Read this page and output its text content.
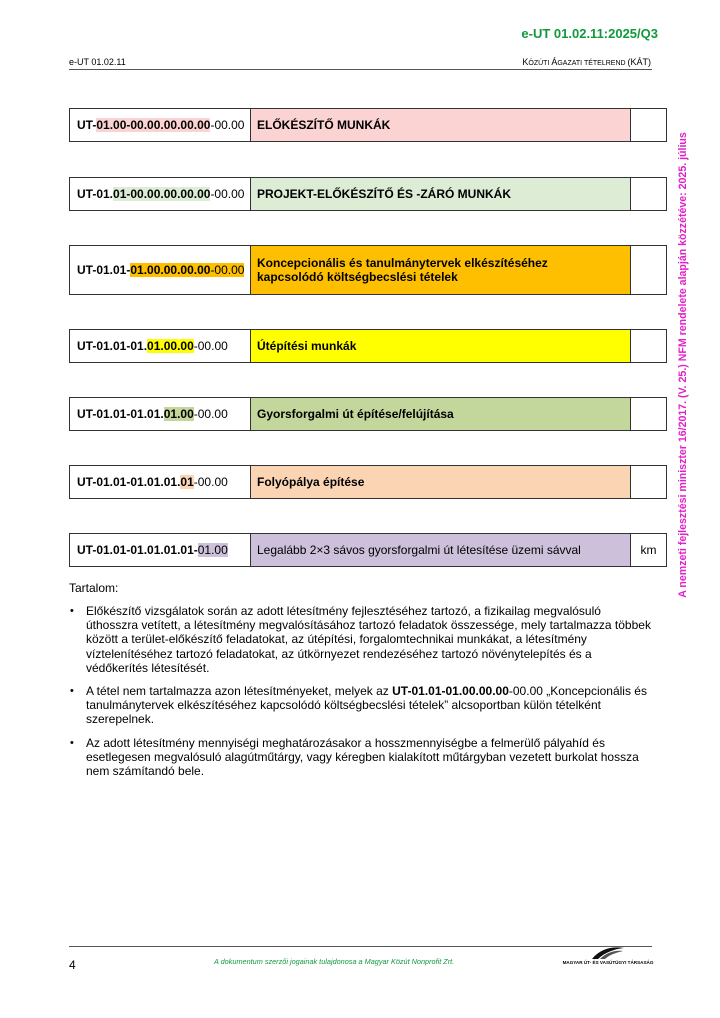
e-UT 01.02.11:2025/Q3
e-UT 01.02.11	KÖZÚTI ÁGAZATI TÉTELREND (KÁT)
A nemzeti fejlesztési miniszter 16/2017. (V. 25.) NFM rendelete alapján közzétéve: 2025. július
UT- 01.00-00.00.00.00.00 -00.00	ELŐKÉSZÍTŐ MUNKÁK
UT-01. 01-00.00.00.00.00 -00.00	PROJEKT-ELŐKÉSZÍTŐ ÉS -ZÁRÓ MUNKÁK
UT-01.01- 01.00.00.00.00 -00.00	Koncepcionális és tanulmánytervek elkészítéséhez kapcsolódó költségbecslési tételek
UT-01.01-01. 01.00.00 -00.00	Útépítési munkák
UT-01.01-01.01. 01.00 -00.00	Gyorsforgalmi út építése/felújítása
UT-01.01-01.01.01. 01 -00.00	Folyópálya építése
UT-01.01-01.01.01.01- 01.00	Legalább 2×3 sávos gyorsforgalmi út létesítése üzemi sávval	km
Tartalom:
• Előkészítő vizsgálatok során az adott létesítmény fejlesztéséhez tartozó, a fizikailag megvalósuló úthosszra vetített, a létesítmény megvalósításához tartozó feladatok összessége, mely tartalmazza többek között a terület-előkészítő feladatokat, az útépítési, forgalomtechnikai munkákat, a létesítmény víztelenítéséhez tartozó feladatokat, az útkörnyezet rendezéséhez tartozó növénytelepítés és a védőkerítés létesítését.
• A tétel nem tartalmazza azon létesítményeket, melyek az UT-01.01-01.00.00.00-00.00 „Koncepcionális és tanulmánytervek elkészítéséhez kapcsolódó költségbecslési tételek” alcsoportban külön tételként szerepelnek.
• Az adott létesítmény mennyiségi meghatározásakor a hosszmennyiségbe a felmerülő pályahíd és esetlegesen megvalósuló alagútműtárgy, vagy kéregben kialakított műtárgyban vezetett burkolat hossza nem számítandó bele.
4	A dokumentum szerzői jogainak tulajdonosa a Magyar Közút Nonprofit Zrt.	MAGYAR ÚT- ÉS VASÚTÜGYI TÁRSASÁG
